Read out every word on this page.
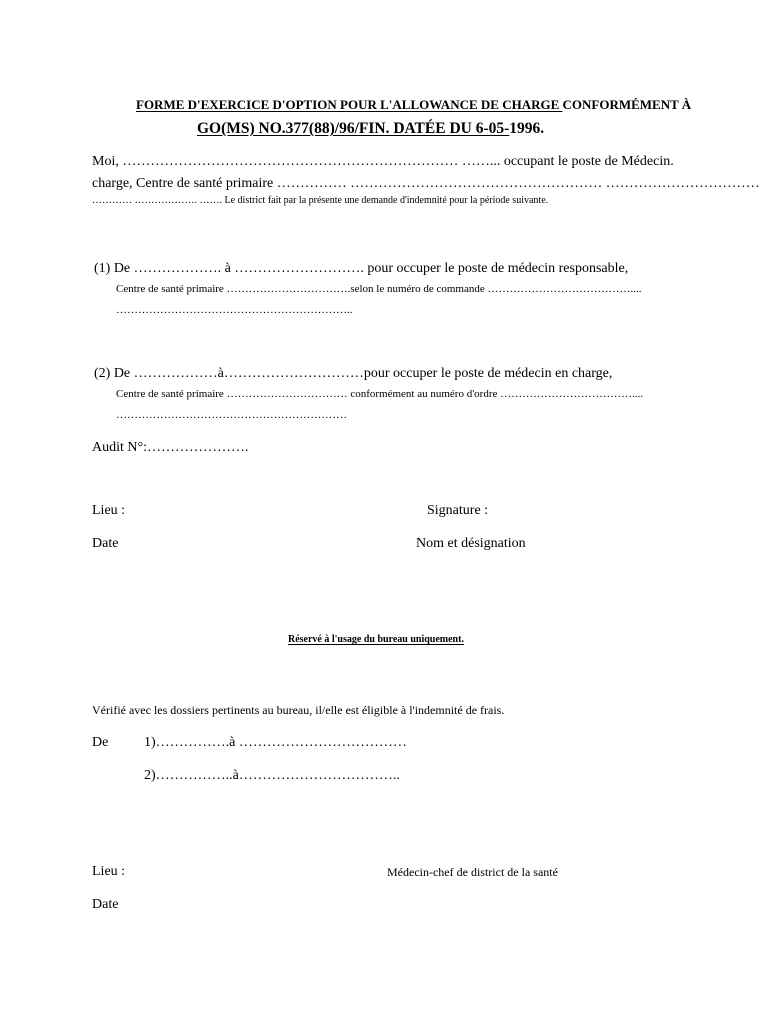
FORME D'EXERCICE D'OPTION POUR L'ALLOWANCE DE CHARGE CONFORMÉMENT À
GO(MS) NO.377(88)/96/FIN. DATÉE DU 6-05-1996.
Moi, ……………………………………………………………… ……... occupant le poste de Médecin.
charge, Centre de santé primaire …………… ……………………………………………… ……………………………
………… ………………. ……. Le district fait par la présente une demande d'indemnité pour la période suivante.
(1) De ………………. à ………………………. pour occuper le poste de médecin responsable,
Centre de santé primaire …………………………….selon le numéro de commande …………………………………....
………………………………………………………..
(2) De ………………à…………………………pour occuper le poste de médecin en charge,
Centre de santé primaire …………………………… conformément au numéro d'ordre ………………………………....
………………………………………………………
Audit N°:………………….
Lieu :	Signature :
Date	Nom et désignation
Réservé à l'usage du bureau uniquement.
Vérifié avec les dossiers pertinents au bureau, il/elle est éligible à l'indemnité de frais.
De	1)…………….à ………………………………
2)……………..à……………………………..
Lieu :	Médecin-chef de district de la santé
Date
